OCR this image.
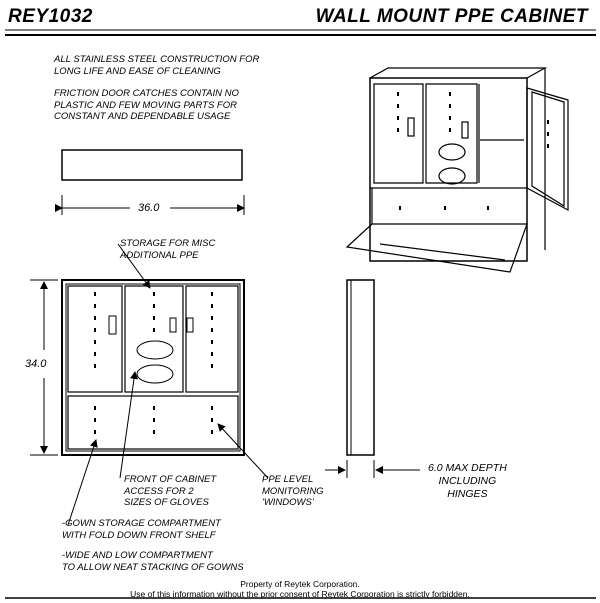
REY1032	WALL MOUNT PPE CABINET
ALL STAINLESS STEEL CONSTRUCTION FOR
LONG LIFE AND EASE OF CLEANING
FRICTION DOOR CATCHES CONTAIN NO
PLASTIC AND FEW MOVING PARTS FOR
CONSTANT AND DEPENDABLE USAGE
36.0
34.0
6.0 MAX DEPTH
INCLUDING
HINGES
STORAGE FOR MISC
ADDITIONAL PPE
FRONT OF CABINET
ACCESS FOR 2
SIZES OF GLOVES
PPE LEVEL
MONITORING
'WINDOWS'
-GOWN STORAGE COMPARTMENT
WITH FOLD DOWN FRONT SHELF
-WIDE AND LOW COMPARTMENT
TO ALLOW NEAT STACKING OF GOWNS
Property of Reytek Corporation.
Use of this information without the prior consent of Reytek Corporation is strictly forbidden.
